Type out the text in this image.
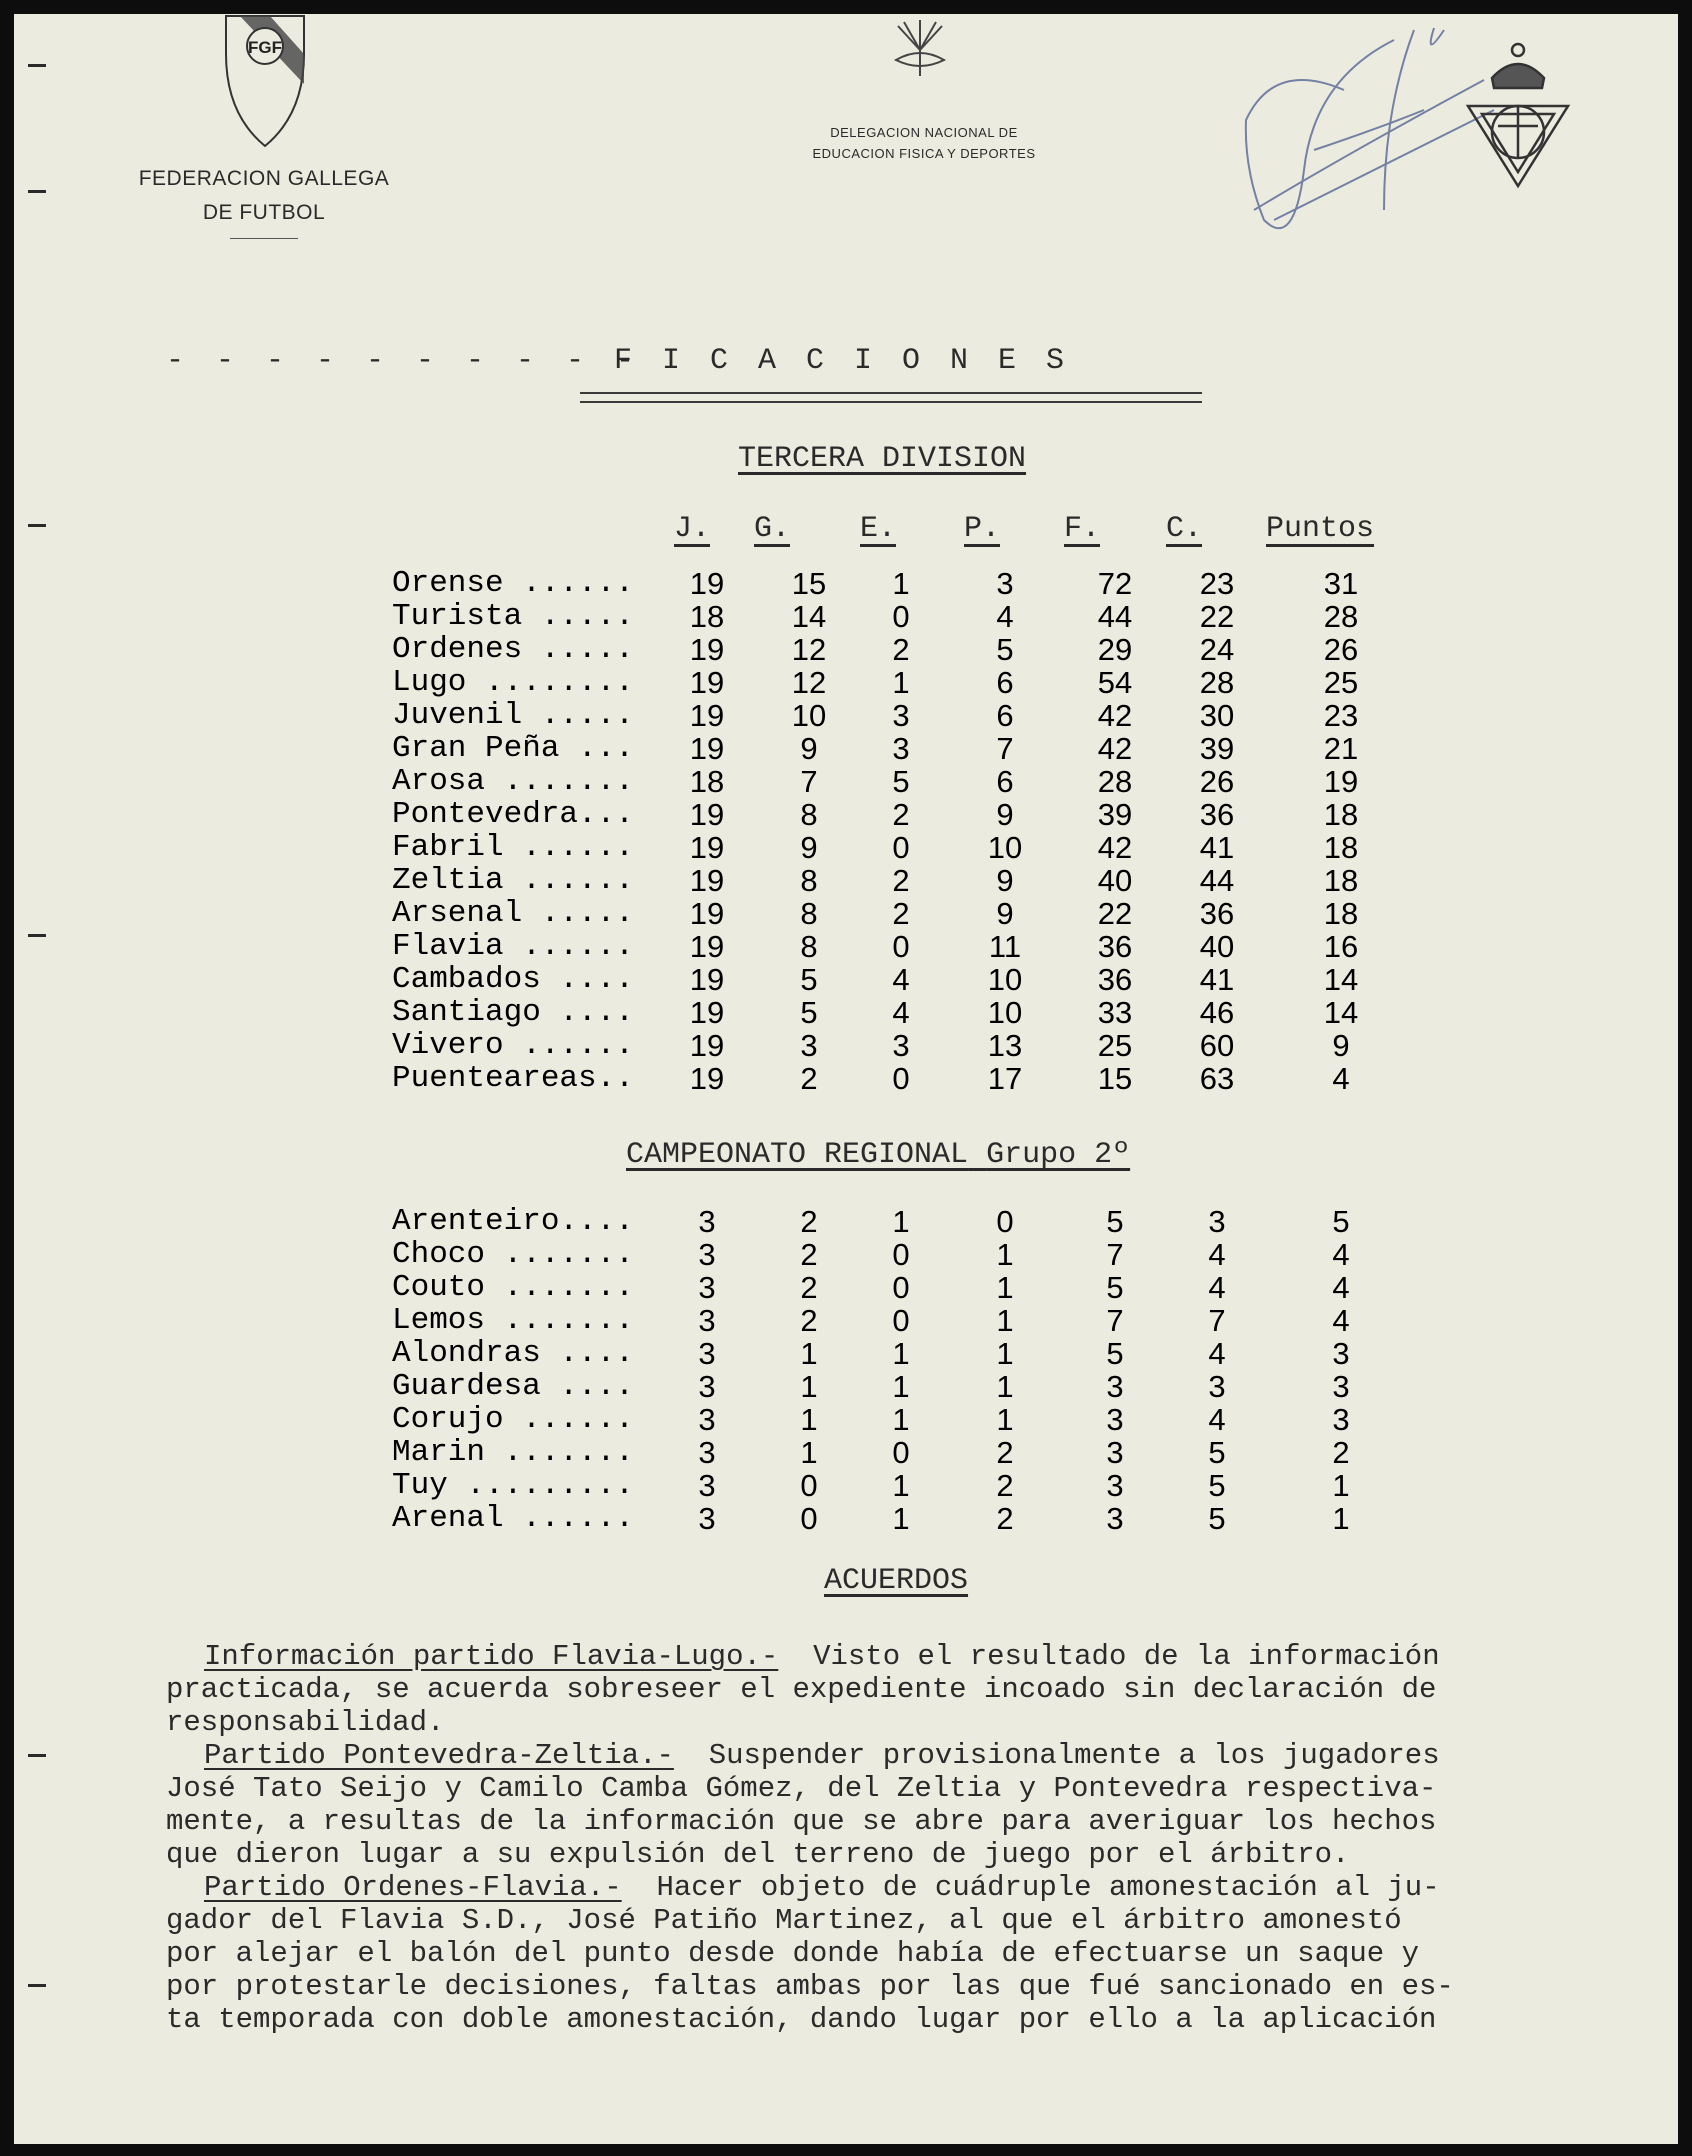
FGF
FEDERACION GALLEGA
DE FUTBOL
DELEGACION NACIONAL DE
EDUCACION FISICA Y DEPORTES
- - - - - - - - - -
FICACIONES
TERCERA DIVISION
J. G. E. P. F. C. Puntos
Orense ......	19	15	1	3	72	23	31
Turista .....	18	14	0	4	44	22	28
Ordenes .....	19	12	2	5	29	24	26
Lugo ........	19	12	1	6	54	28	25
Juvenil .....	19	10	3	6	42	30	23
Gran Peña ...	19	9	3	7	42	39	21
Arosa .......	18	7	5	6	28	26	19
Pontevedra...	19	8	2	9	39	36	18
Fabril ......	19	9	0	10	42	41	18
Zeltia ......	19	8	2	9	40	44	18
Arsenal .....	19	8	2	9	22	36	18
Flavia ......	19	8	0	11	36	40	16
Cambados ....	19	5	4	10	36	41	14
Santiago ....	19	5	4	10	33	46	14
Vivero ......	19	3	3	13	25	60	9
Puenteareas..	19	2	0	17	15	63	4
CAMPEONATO REGIONAL Grupo 2º
Arenteiro....	3	2	1	0	5	3	5
Choco .......	3	2	0	1	7	4	4
Couto .......	3	2	0	1	5	4	4
Lemos .......	3	2	0	1	7	7	4
Alondras ....	3	1	1	1	5	4	3
Guardesa ....	3	1	1	1	3	3	3
Corujo ......	3	1	1	1	3	4	3
Marin .......	3	1	0	2	3	5	2
Tuy .........	3	0	1	2	3	5	1
Arenal ......	3	0	1	2	3	5	1
ACUERDOS
Información partido Flavia-Lugo.-  Visto el resultado de la información
practicada, se acuerda sobreseer el expediente incoado sin declaración de
responsabilidad.
Partido Pontevedra-Zeltia.-  Suspender provisionalmente a los jugadores
José Tato Seijo y Camilo Camba Gómez, del Zeltia y Pontevedra respectiva-
mente, a resultas de la información que se abre para averiguar los hechos
que dieron lugar a su expulsión del terreno de juego por el árbitro.
Partido Ordenes-Flavia.-  Hacer objeto de cuádruple amonestación al ju-
gador del Flavia S.D., José Patiño Martinez, al que el árbitro amonestó
por alejar el balón del punto desde donde había de efectuarse un saque y
por protestarle decisiones, faltas ambas por las que fué sancionado en es-
ta temporada con doble amonestación, dando lugar por ello a la aplicación
